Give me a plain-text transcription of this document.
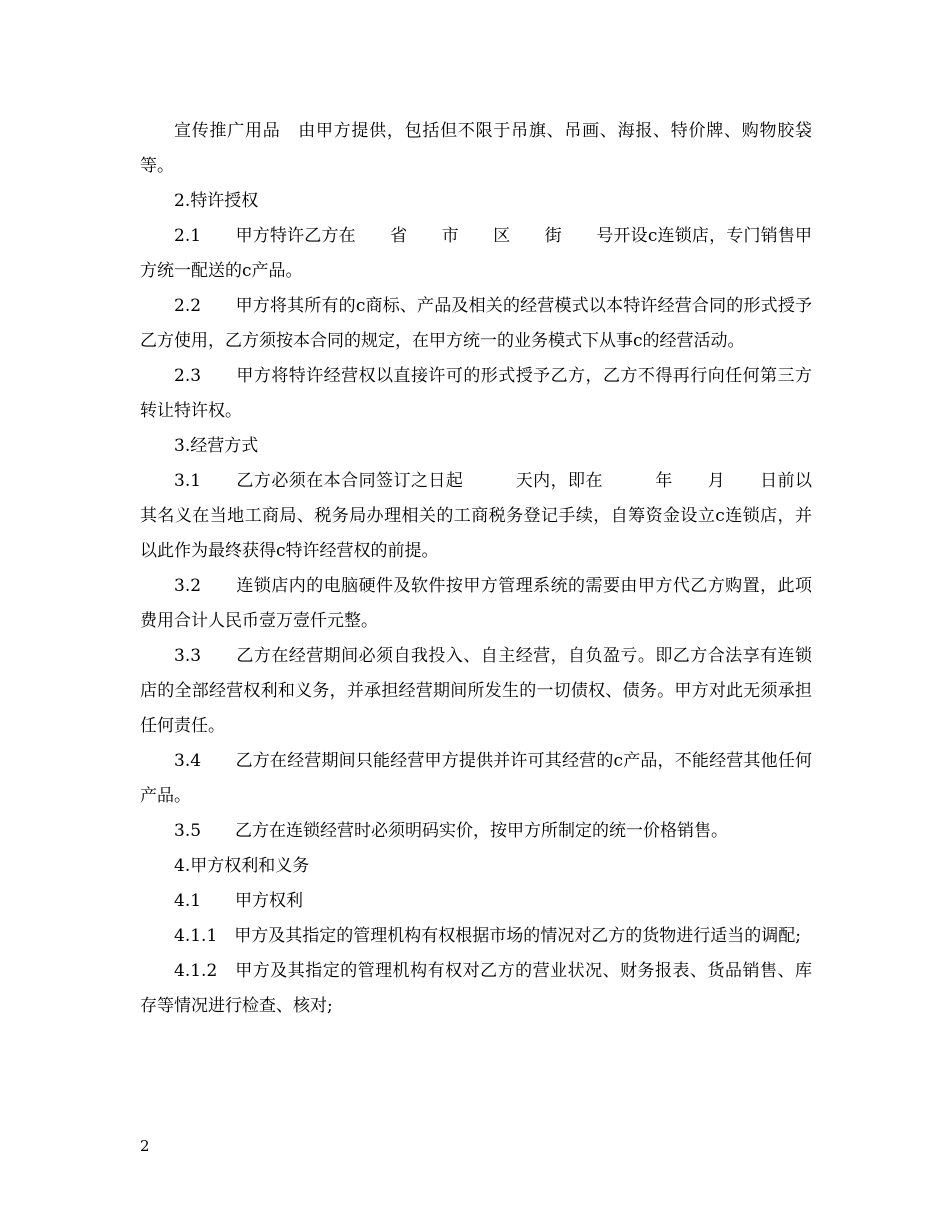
宣传推广用品　由甲方提供，包括但不限于吊旗、吊画、海报、特价牌、购物胶袋等。

2.特许授权

2.1　　甲方特许乙方在　　省　　市　　区　　街　　号开设c连锁店，专门销售甲方统一配送的c产品。

2.2　　甲方将其所有的c商标、产品及相关的经营模式以本特许经营合同的形式授予乙方使用，乙方须按本合同的规定，在甲方统一的业务模式下从事c的经营活动。

2.3　　甲方将特许经营权以直接许可的形式授予乙方，乙方不得再行向任何第三方转让特许权。

3.经营方式

3.1　　乙方必须在本合同签订之日起　　　天内，即在　　　年　　月　　日前以其名义在当地工商局、税务局办理相关的工商税务登记手续，自筹资金设立c连锁店，并以此作为最终获得c特许经营权的前提。

3.2　　连锁店内的电脑硬件及软件按甲方管理系统的需要由甲方代乙方购置，此项费用合计人民币壹万壹仟元整。

3.3　　乙方在经营期间必须自我投入、自主经营，自负盈亏。即乙方合法享有连锁店的全部经营权利和义务，并承担经营期间所发生的一切债权、债务。甲方对此无须承担任何责任。

3.4　　乙方在经营期间只能经营甲方提供并许可其经营的c产品，不能经营其他任何产品。

3.5　　乙方在连锁经营时必须明码实价，按甲方所制定的统一价格销售。

4.甲方权利和义务

4.1　　甲方权利

4.1.1　甲方及其指定的管理机构有权根据市场的情况对乙方的货物进行适当的调配;

4.1.2　甲方及其指定的管理机构有权对乙方的营业状况、财务报表、货品销售、库存等情况进行检查、核对;

2
